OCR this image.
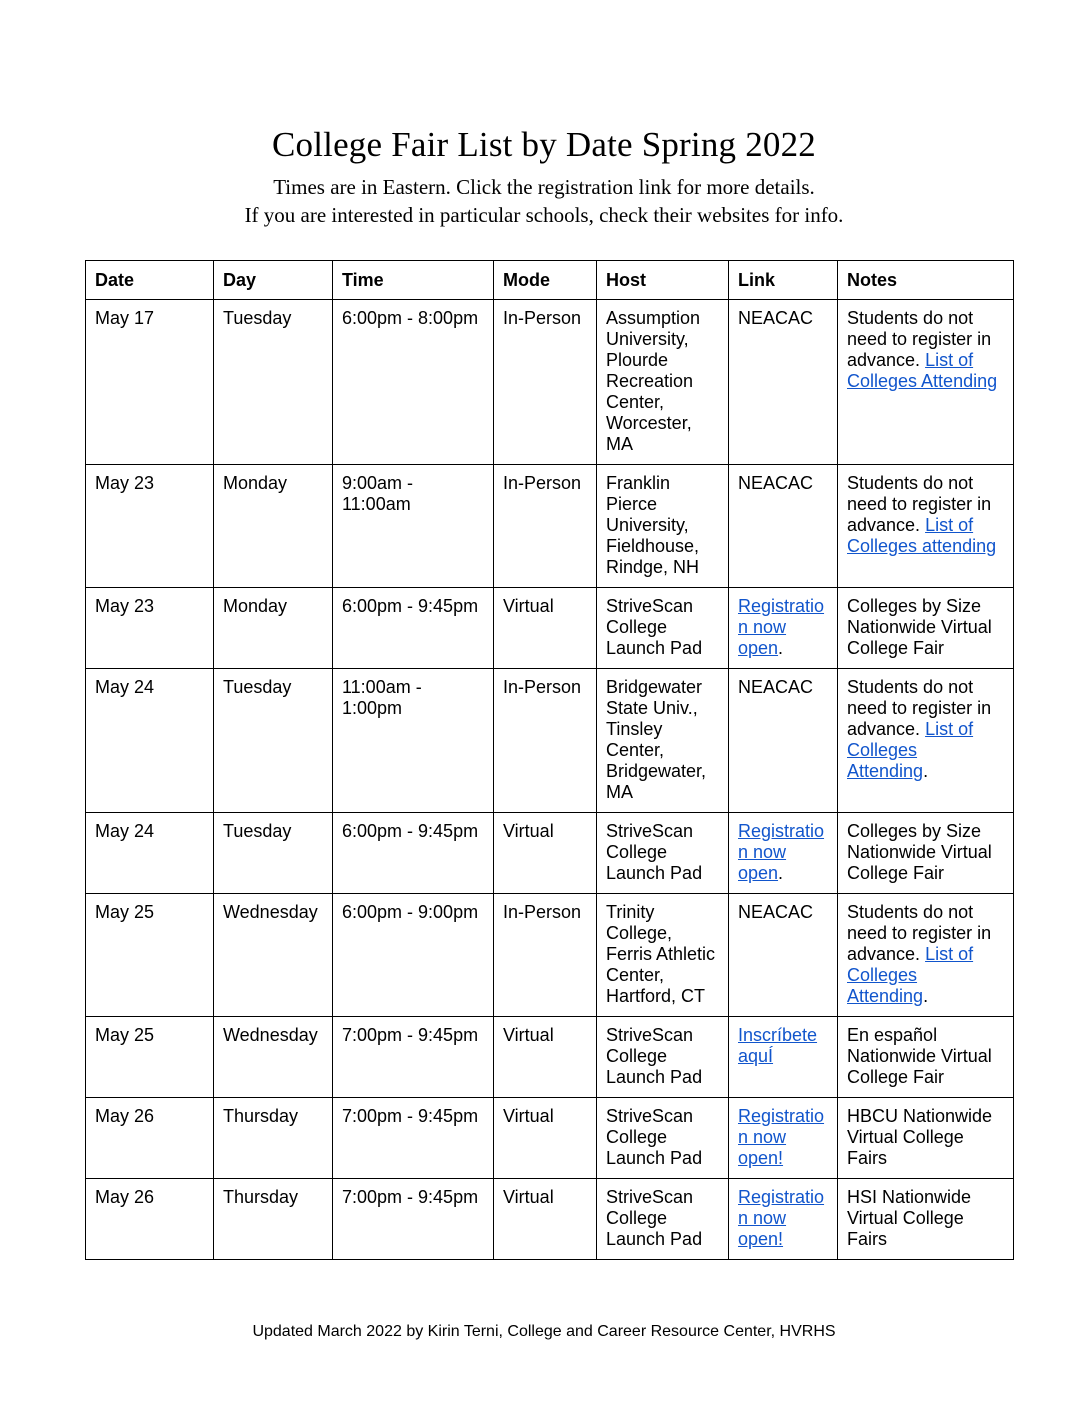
College Fair List by Date Spring 2022
Times are in Eastern. Click the registration link for more details.
If you are interested in particular schools, check their websites for info.
Date	Day	Time	Mode	Host	Link	Notes
May 17	Tuesday	6:00pm - 8:00pm	In-Person	Assumption University, Plourde Recreation Center, Worcester, MA	NEACAC	Students do not need to register in advance. List of Colleges Attending
May 23	Monday	9:00am - 11:00am	In-Person	Franklin Pierce University, Fieldhouse, Rindge, NH	NEACAC	Students do not need to register in advance. List of Colleges attending
May 23	Monday	6:00pm - 9:45pm	Virtual	StriveScan College Launch Pad	Registration now open.	Colleges by Size Nationwide Virtual College Fair
May 24	Tuesday	11:00am - 1:00pm	In-Person	Bridgewater State Univ., Tinsley Center, Bridgewater, MA	NEACAC	Students do not need to register in advance. List of Colleges Attending.
May 24	Tuesday	6:00pm - 9:45pm	Virtual	StriveScan College Launch Pad	Registration now open.	Colleges by Size Nationwide Virtual College Fair
May 25	Wednesday	6:00pm - 9:00pm	In-Person	Trinity College, Ferris Athletic Center, Hartford, CT	NEACAC	Students do not need to register in advance. List of Colleges Attending.
May 25	Wednesday	7:00pm - 9:45pm	Virtual	StriveScan College Launch Pad	Inscríbete aquÍ	En español Nationwide Virtual College Fair
May 26	Thursday	7:00pm - 9:45pm	Virtual	StriveScan College Launch Pad	Registration now open!	HBCU Nationwide Virtual College Fairs
May 26	Thursday	7:00pm - 9:45pm	Virtual	StriveScan College Launch Pad	Registration now open!	HSI Nationwide Virtual College Fairs
Updated March 2022 by Kirin Terni, College and Career Resource Center, HVRHS
